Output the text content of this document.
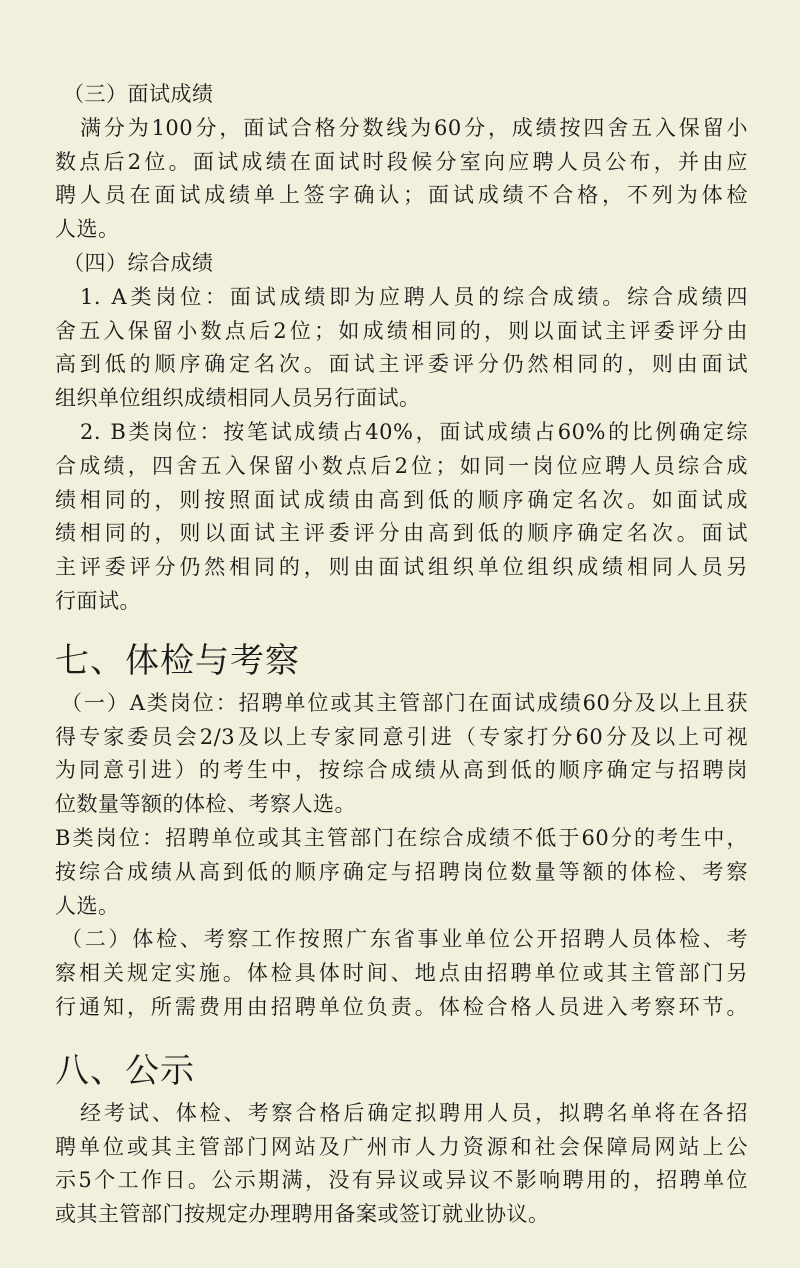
（三）面试成绩
满分为100分，面试合格分数线为60分，成绩按四舍五入保留小
数点后2位。面试成绩在面试时段候分室向应聘人员公布，并由应
聘人员在面试成绩单上签字确认；面试成绩不合格，不列为体检
人选。
（四）综合成绩
1. A类岗位：面试成绩即为应聘人员的综合成绩。综合成绩四
舍五入保留小数点后2位；如成绩相同的，则以面试主评委评分由
高到低的顺序确定名次。面试主评委评分仍然相同的，则由面试
组织单位组织成绩相同人员另行面试。
2. B类岗位：按笔试成绩占40%，面试成绩占60%的比例确定综
合成绩，四舍五入保留小数点后2位；如同一岗位应聘人员综合成
绩相同的，则按照面试成绩由高到低的顺序确定名次。如面试成
绩相同的，则以面试主评委评分由高到低的顺序确定名次。面试
主评委评分仍然相同的，则由面试组织单位组织成绩相同人员另
行面试。
七、体检与考察
（一）A类岗位：招聘单位或其主管部门在面试成绩60分及以上且获
得专家委员会2/3及以上专家同意引进（专家打分60分及以上可视
为同意引进）的考生中，按综合成绩从高到低的顺序确定与招聘岗
位数量等额的体检、考察人选。
B类岗位：招聘单位或其主管部门在综合成绩不低于60分的考生中，
按综合成绩从高到低的顺序确定与招聘岗位数量等额的体检、考察
人选。
（二）体检、考察工作按照广东省事业单位公开招聘人员体检、考
察相关规定实施。体检具体时间、地点由招聘单位或其主管部门另
行通知，所需费用由招聘单位负责。体检合格人员进入考察环节。
八、公示
经考试、体检、考察合格后确定拟聘用人员，拟聘名单将在各招
聘单位或其主管部门网站及广州市人力资源和社会保障局网站上公
示5个工作日。公示期满，没有异议或异议不影响聘用的，招聘单位
或其主管部门按规定办理聘用备案或签订就业协议。
